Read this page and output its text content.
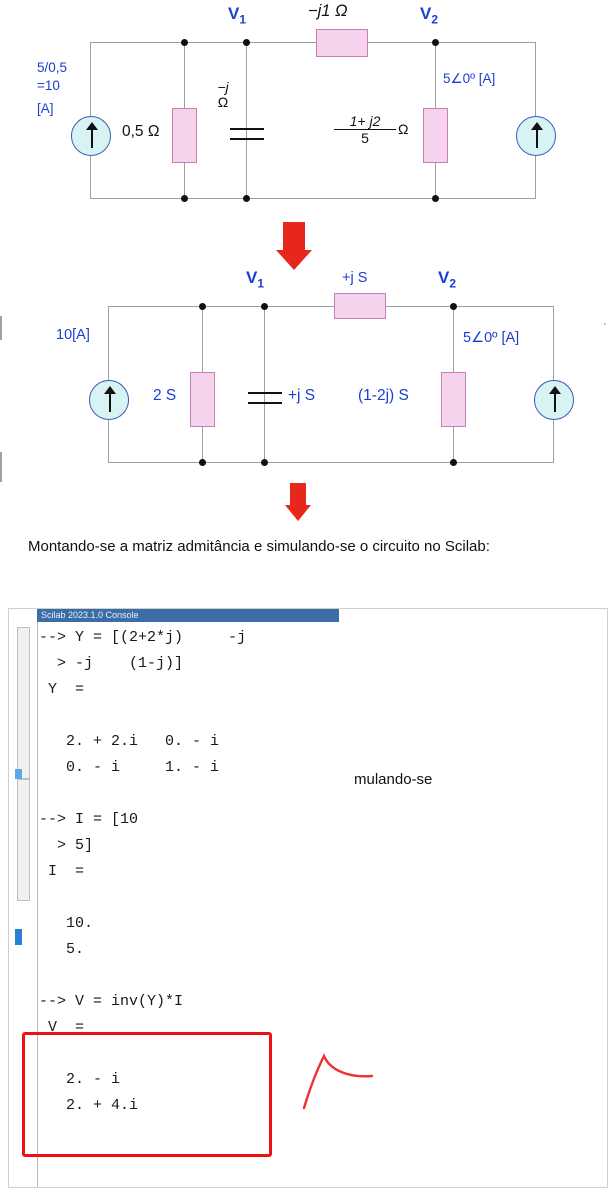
$V_1$	$V_2$
−j1 Ω
5/0,5
=10
[A]
5∠0º [A]
0,5 Ω
−j
Ω
1+ j2
5
Ω
$V_1$	$V_2$
+j S
10[A]	5∠0º [A]
2 S	+j S	(1-2j) S
·
Montando-se a matriz admitância e simulando-se o circuito no Scilab:
Scilab 2023.1.0 Console
--> Y = [(2+2*j)     -j
> -j    (1-j)]
Y  =

2. + 2.i   0. - i
0. - i     1. - i

--> I = [10
> 5]
I  =

10.
5.

--> V = inv(Y)*I
V  =

2. - i
2. + 4.i
mulando-se
